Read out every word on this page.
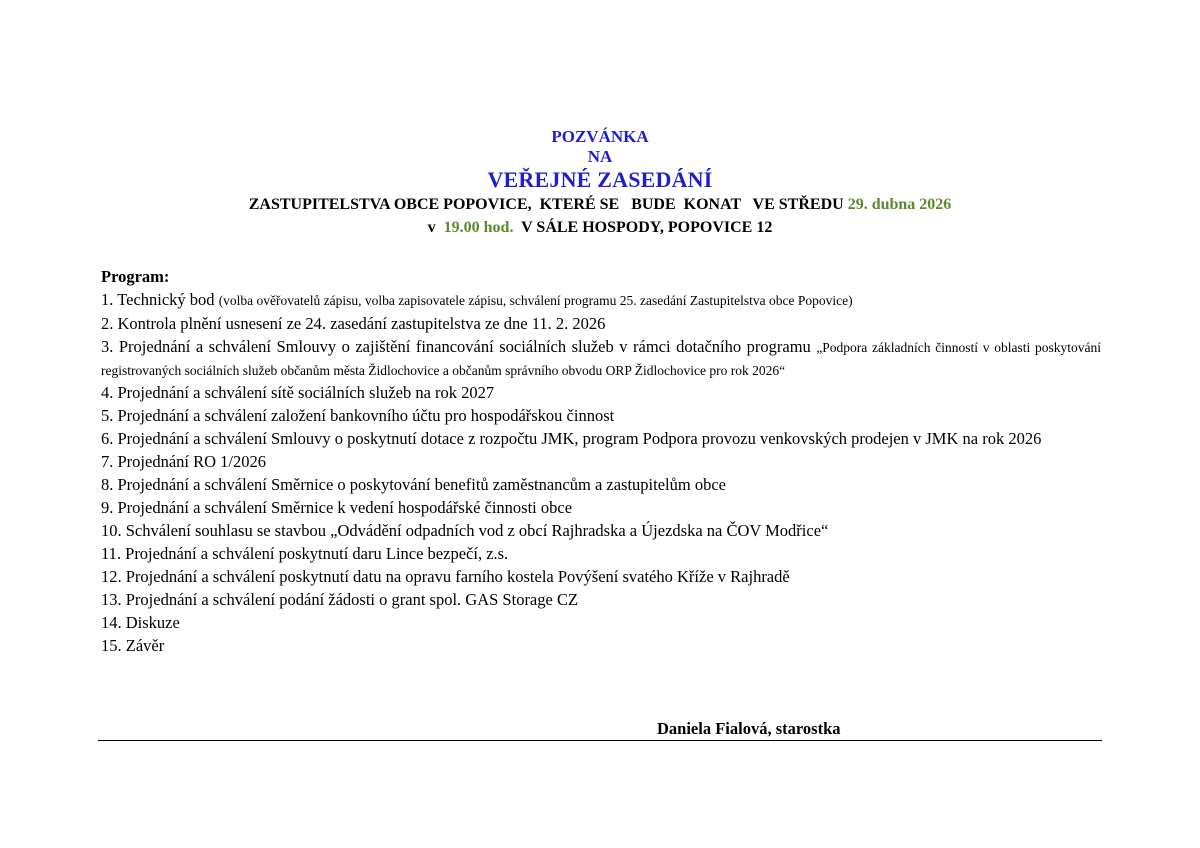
POZVÁNKA
NA
VEŘEJNÉ ZASEDÁNÍ
ZASTUPITELSTVA OBCE POPOVICE,  KTERÉ SE   BUDE  KONAT   VE STŘEDU 29. dubna 2026
v  19.00 hod.  V SÁLE HOSPODY, POPOVICE 12
Program:
1. Technický bod (volba ověřovatelů zápisu, volba zapisovatele zápisu, schválení programu 25. zasedání Zastupitelstva obce Popovice)
2. Kontrola plnění usnesení ze 24. zasedání zastupitelstva ze dne 11. 2. 2026
3. Projednání a schválení Smlouvy o zajištění financování sociálních služeb v rámci dotačního programu „Podpora základních činností v oblasti poskytování registrovaných sociálních služeb občanům města Židlochovice a občanům správního obvodu ORP Židlochovice pro rok 2026“
4. Projednání a schválení sítě sociálních služeb na rok 2027
5. Projednání a schválení založení bankovního účtu pro hospodářskou činnost
6. Projednání a schválení Smlouvy o poskytnutí dotace z rozpočtu JMK, program Podpora provozu venkovských prodejen v JMK na rok 2026
7. Projednání RO 1/2026
8. Projednání a schválení Směrnice o poskytování benefitů zaměstnancům a zastupitelům obce
9. Projednání a schválení Směrnice k vedení hospodářské činnosti obce
10. Schválení souhlasu se stavbou „Odvádění odpadních vod z obcí Rajhradska a Újezdska na ČOV Modřice“
11. Projednání a schválení poskytnutí daru Lince bezpečí, z.s.
12. Projednání a schválení poskytnutí datu na opravu farního kostela Povýšení svatého Kříže v Rajhradě
13. Projednání a schválení podání žádosti o grant spol. GAS Storage CZ
14. Diskuze
15. Závěr
Daniela Fialová, starostka
